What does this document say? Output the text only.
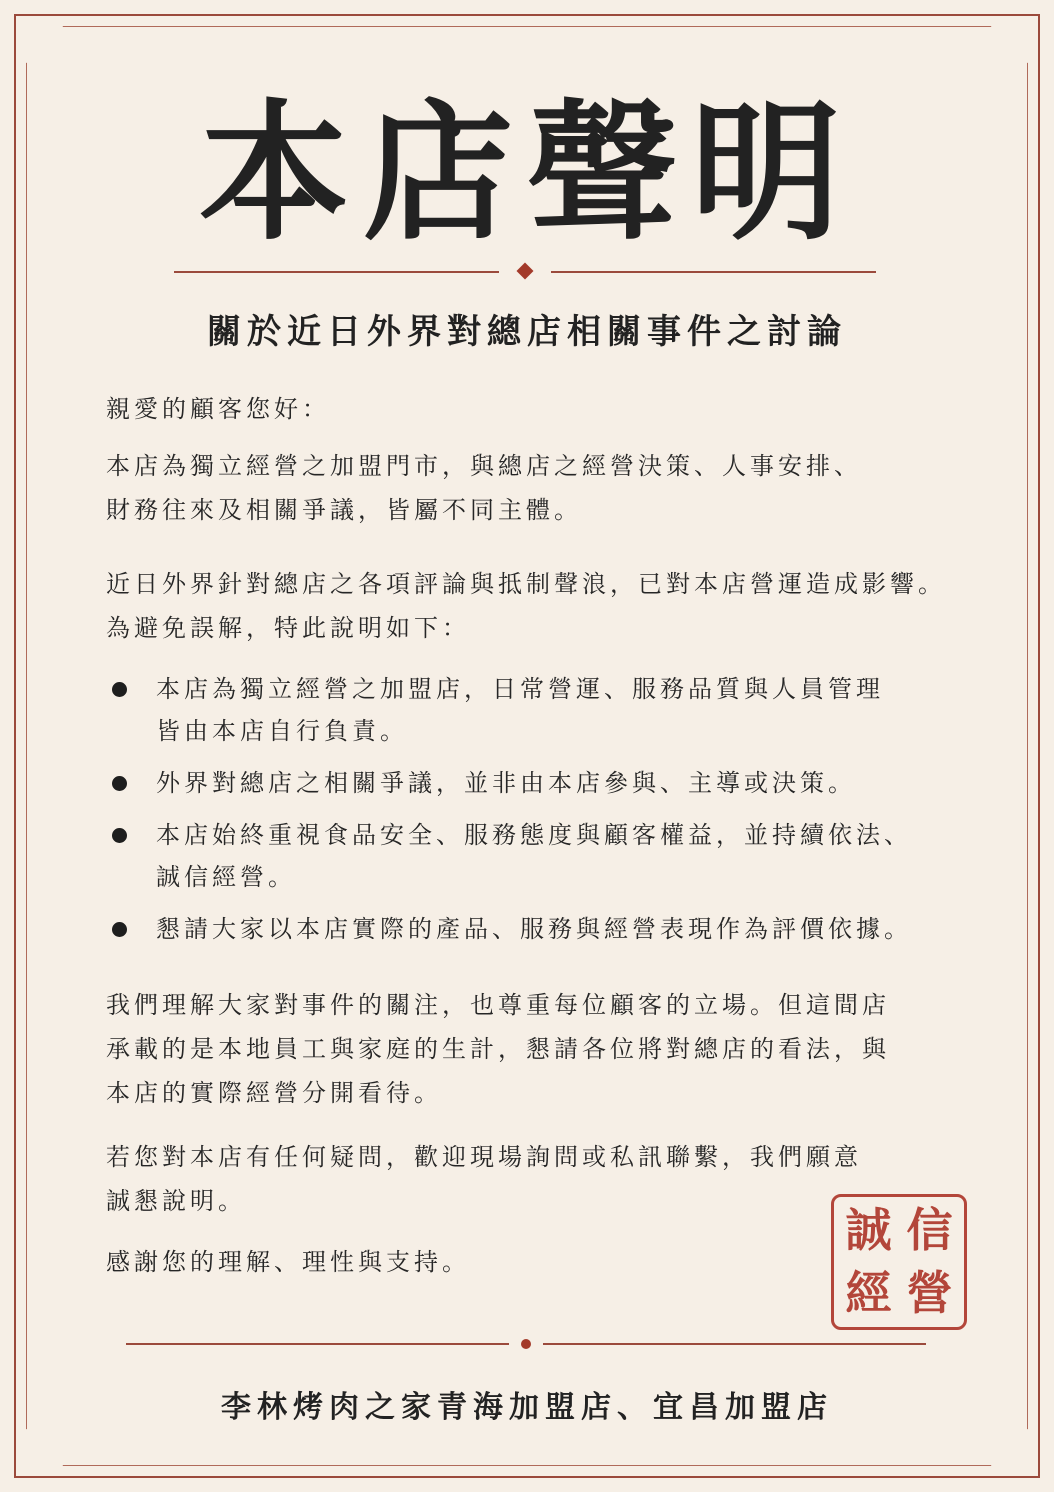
本店聲明
關於近日外界對總店相關事件之討論
親愛的顧客您好：
本店為獨立經營之加盟門市，與總店之經營決策、人事安排、
財務往來及相關爭議，皆屬不同主體。
近日外界針對總店之各項評論與抵制聲浪，已對本店營運造成影響。
為避免誤解，特此說明如下：
本店為獨立經營之加盟店，日常營運、服務品質與人員管理
皆由本店自行負責。
外界對總店之相關爭議，並非由本店參與、主導或決策。
本店始終重視食品安全、服務態度與顧客權益，並持續依法、
誠信經營。
懇請大家以本店實際的產品、服務與經營表現作為評價依據。
我們理解大家對事件的關注，也尊重每位顧客的立場。但這間店
承載的是本地員工與家庭的生計，懇請各位將對總店的看法，與
本店的實際經營分開看待。
若您對本店有任何疑問，歡迎現場詢問或私訊聯繫，我們願意
誠懇說明。
感謝您的理解、理性與支持。
誠 信
經 營
李林烤肉之家青海加盟店、宜昌加盟店
